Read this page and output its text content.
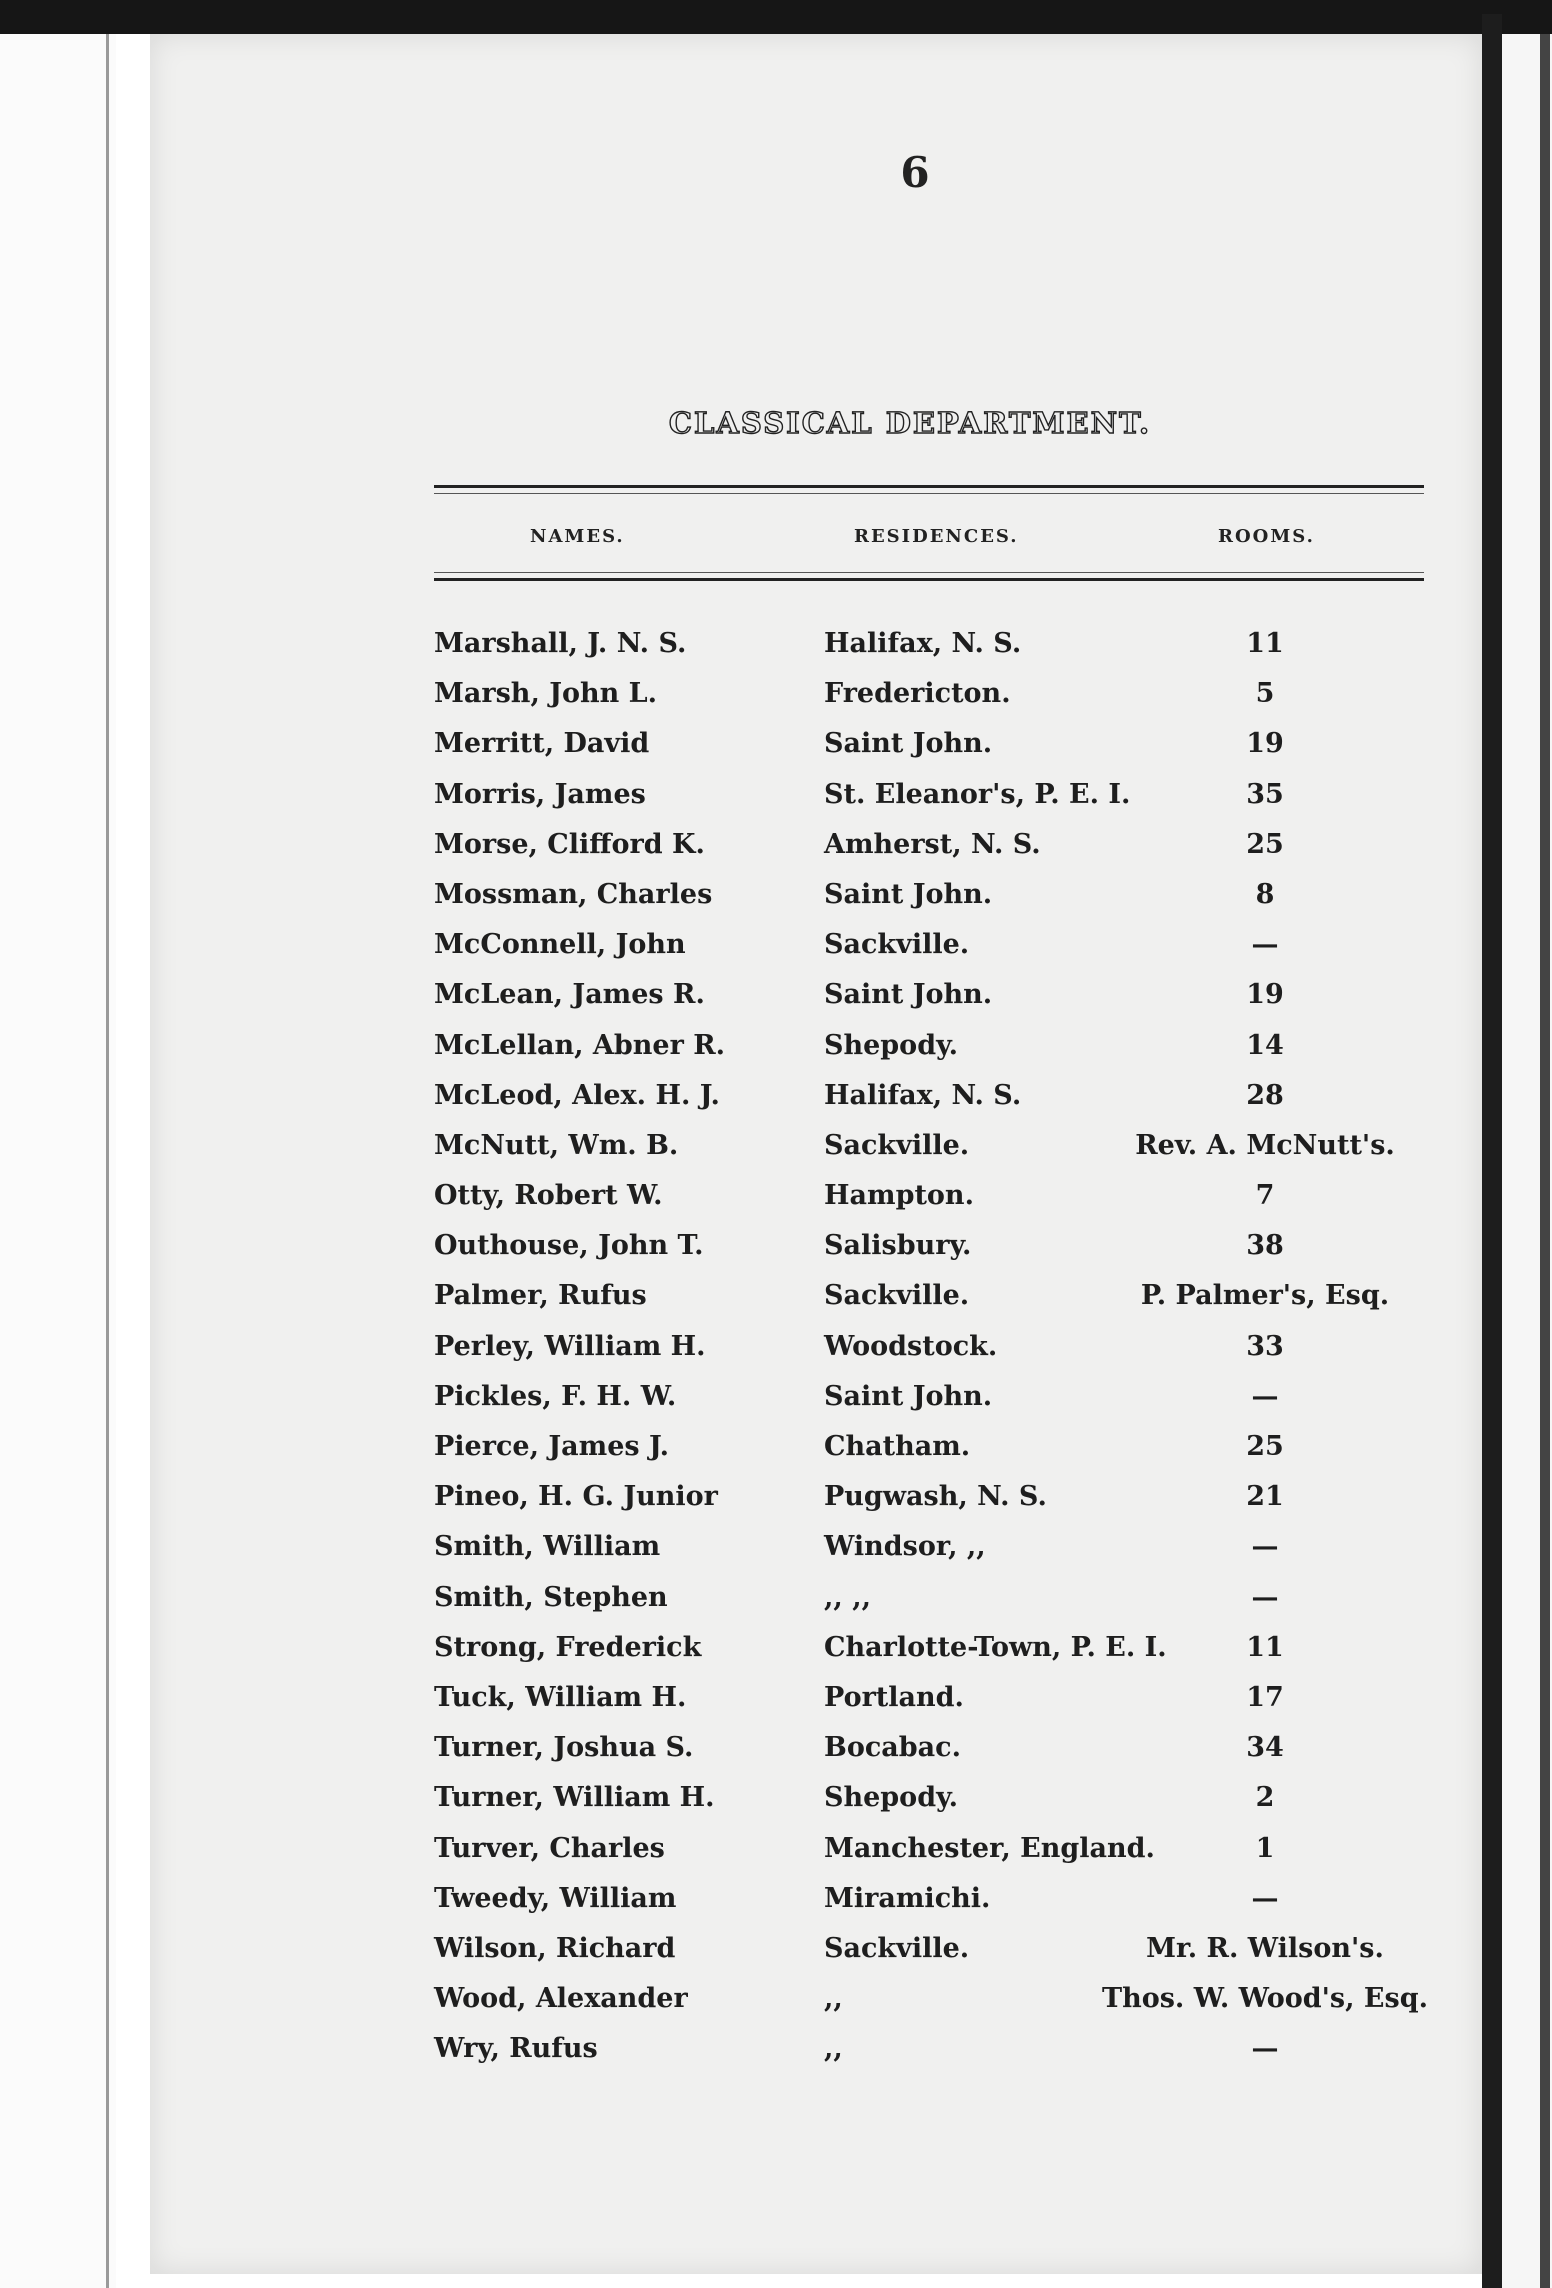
6
CLASSICAL DEPARTMENT.
NAMES.	RESIDENCES.	ROOMS.
Marshall, J. N. S.	Halifax, N. S.	11
Marsh, John L.	Fredericton.	5
Merritt, David	Saint John.	19
Morris, James	St. Eleanor's, P. E. I.	35
Morse, Clifford K.	Amherst, N. S.	25
Mossman, Charles	Saint John.	8
McConnell, John	Sackville.	—
McLean, James R.	Saint John.	19
McLellan, Abner R.	Shepody.	14
McLeod, Alex. H. J.	Halifax, N. S.	28
McNutt, Wm. B.	Sackville.	Rev. A. McNutt's.
Otty, Robert W.	Hampton.	7
Outhouse, John T.	Salisbury.	38
Palmer, Rufus	Sackville.	P. Palmer's, Esq.
Perley, William H.	Woodstock.	33
Pickles, F. H. W.	Saint John.	—
Pierce, James J.	Chatham.	25
Pineo, H. G. Junior	Pugwash, N. S.	21
Smith, William	Windsor, ,,	—
Smith, Stephen	,, ,,	—
Strong, Frederick	Charlotte-Town, P. E. I.	11
Tuck, William H.	Portland.	17
Turner, Joshua S.	Bocabac.	34
Turner, William H.	Shepody.	2
Turver, Charles	Manchester, England.	1
Tweedy, William	Miramichi.	—
Wilson, Richard	Sackville.	Mr. R. Wilson's.
Wood, Alexander	,,	Thos. W. Wood's, Esq.
Wry, Rufus	,,	—
